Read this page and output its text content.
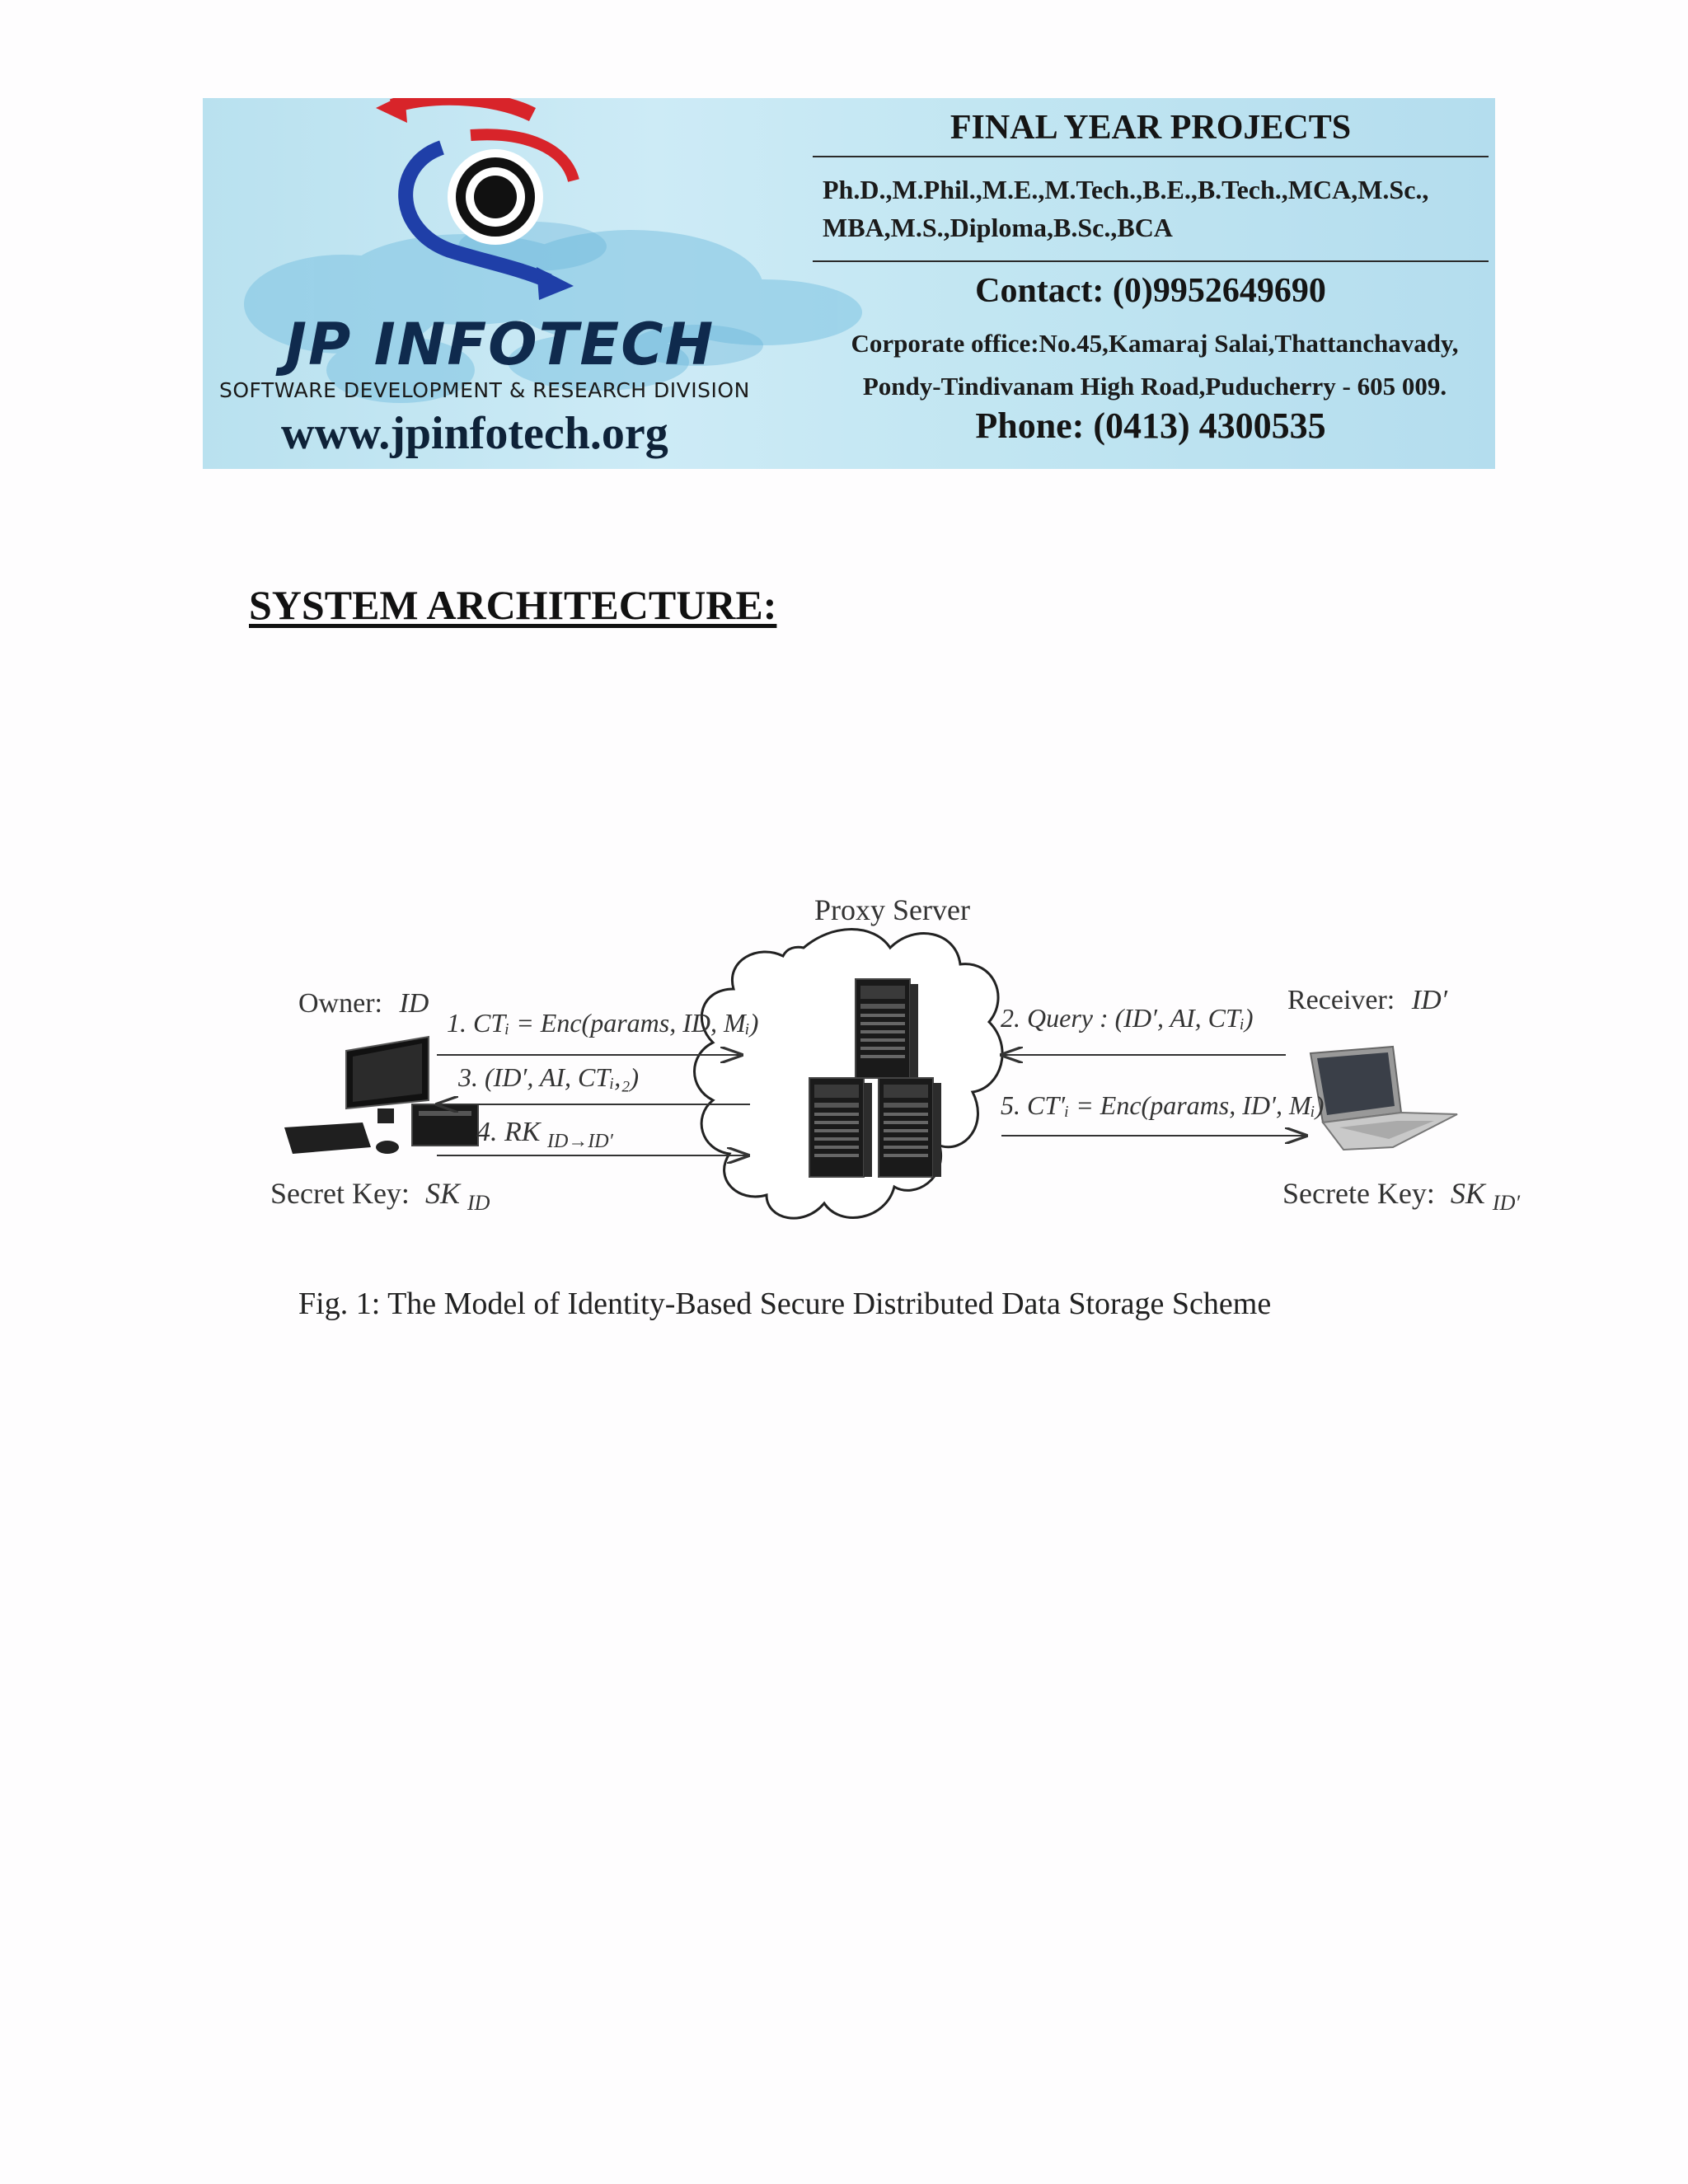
JP INFOTECH
SOFTWARE DEVELOPMENT & RESEARCH DIVISION
www.jpinfotech.org
FINAL YEAR PROJECTS
Ph.D.,M.Phil.,M.E.,M.Tech.,B.E.,B.Tech.,MCA,M.Sc.,
MBA,M.S.,Diploma,B.Sc.,BCA
Contact: (0)9952649690
Corporate office:No.45,Kamaraj Salai,Thattanchavady,
Pondy-Tindivanam High Road,Puducherry - 605 009.
Phone: (0413) 4300535
SYSTEM ARCHITECTURE:
Proxy Server
Owner: ID
Secret Key: SK $_{ID}$
Receiver: ID′
Secrete Key: SK $_{ID'}$
1. CTᵢ = Enc(params, ID, Mᵢ)
3. (ID′, AI, CTᵢ,₂)
4. RK $_{ID\to ID'}$
2. Query : (ID′, AI, CTᵢ)
5. CT′ᵢ = Enc(params, ID′, Mᵢ)
Fig. 1: The Model of Identity-Based Secure Distributed Data Storage Scheme
